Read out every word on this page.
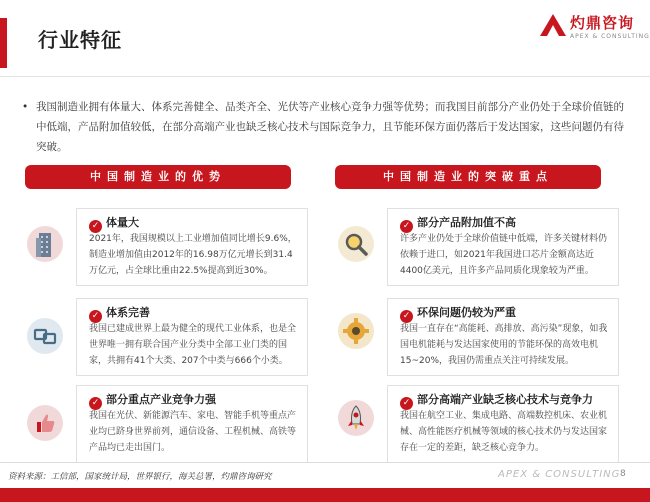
行业特征
灼鼎咨询
APEX & CONSULTING
• 我国制造业拥有体量大、体系完善健全、品类齐全、光伏等产业核心竞争力强等优势；而我国目前部分产业仍处于全球价值链的中低端，产品附加值较低，在部分高端产业也缺乏核心技术与国际竞争力，且节能环保方面仍落后于发达国家，这些问题仍有待突破。
中国制造业的优势	中国制造业的突破重点
✓ 体量大
2021年，我国规模以上工业增加值同比增长9.6%，制造业增加值由2012年的16.98万亿元增长到31.4万亿元，占全球比重由22.5%提高到近30%。
✓ 体系完善
我国已建成世界上最为健全的现代工业体系，也是全世界唯一拥有联合国产业分类中全部工业门类的国家，共拥有41个大类、207个中类与666个小类。
✓ 部分重点产业竞争力强
我国在光伏、新能源汽车、家电、智能手机等重点产业均已跻身世界前列，通信设备、工程机械、高铁等产品均已走出国门。
✓ 部分产品附加值不高
许多产业仍处于全球价值链中低端，许多关键材料仍依赖于进口，如2021年我国进口芯片金额高达近4400亿美元，且许多产品同质化现象较为严重。
✓ 环保问题仍较为严重
我国一直存在“高能耗、高排放、高污染”现象，如我国电机能耗与发达国家使用的节能环保的高效电机15~20%，我国仍需重点关注可持续发展。
✓ 部分高端产业缺乏核心技术与竞争力
我国在航空工业、集成电路、高端数控机床、农业机械、高性能医疗机械等领域的核心技术仍与发达国家存在一定的差距，缺乏核心竞争力。
资料来源：工信部，国家统计局，世界银行，海关总署，灼鼎咨询研究	APEX & CONSULTING 8
